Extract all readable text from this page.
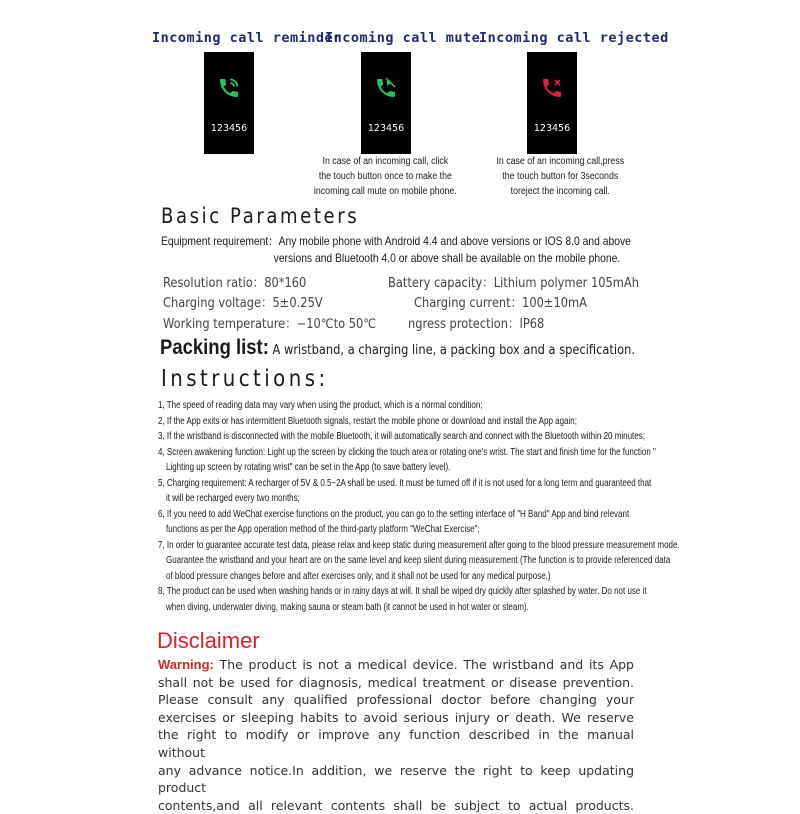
Incoming call reminder
Incoming call mute
Incoming call rejected
123456	123456	123456
In case of an incoming call, click
the touch button once to make the
incoming call mute on mobile phone.
In case of an incoming call,press
the touch button for 3seconds
toreject the incoming call.
Basic Parameters
Equipment requirement：Any mobile phone with Android 4.4 and above versions or IOS 8.0 and above
versions and Bluetooth 4.0 or above shall be available on the mobile phone.
Resolution ratio：80*160	Battery capacity：Lithium polymer 105mAh
Charging voltage：5±0.25V	Charging current：100±10mA
Working temperature：−10℃to 50℃ ngress protection：IP68
Packing list: A wristband, a charging line, a packing box and a specification.
Instructions:
1, The speed of reading data may vary when using the product, which is a normal condition;
2, If the App exits or has intermittent Bluetooth signals, restart the mobile phone or download and install the App again;
3, If the wristband is disconnected with the mobile Bluetooth, it will automatically search and connect with the Bluetooth within 20 minutes;
4, Screen awakening function: Light up the screen by clicking the touch area or rotating one's wrist. The start and finish time for the function "
Lighting up screen by rotating wrist" can be set in the App (to save battery level).
5, Charging requirement: A recharger of 5V & 0.5~2A shall be used. It must be turned off if it is not used for a long term and guaranteed that
it will be recharged every two months;
6, If you need to add WeChat exercise functions on the product, you can go to the setting interface of "H Band" App and bind relevant
functions as per the App operation method of the third-party platform "WeChat Exercise";
7, In order to guarantee accurate test data, please relax and keep static during measurement after going to the blood pressure measurement mode.
Guarantee the wristband and your heart are on the same level and keep silent during measurement (The function is to provide referenced data
of blood pressure changes before and after exercises only, and it shall not be used for any medical purpose.)
8, The product can be used when washing hands or in rainy days at will. It shall be wiped dry quickly after splashed by water. Do not use it
when diving, underwater diving, making sauna or steam bath (it cannot be used in hot water or steam).
Disclaimer
Warning: The product is not a medical device. The wristband and its App
shall not be used for diagnosis, medical treatment or disease prevention.
Please consult any qualified professional doctor before changing your
exercises or sleeping habits to avoid serious injury or death. We reserve
the right to modify or improve any function described in the manual without
any advance notice.In addition, we reserve the right to keep updating product
contents,and all relevant contents shall be subject to actual products.
